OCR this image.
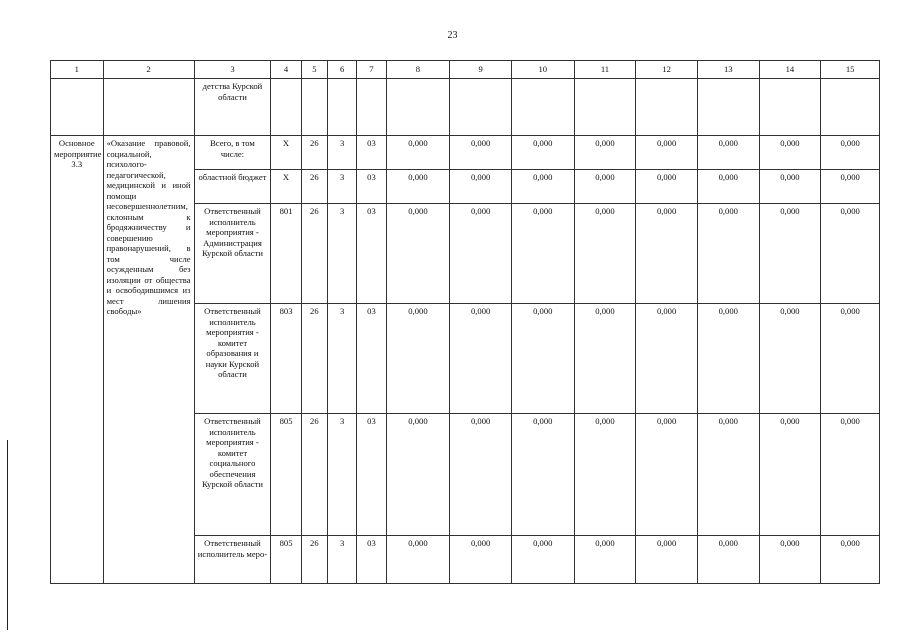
23
1	2	3	4	5	6	7	8	9	10	11	12	13	14	15
		детства Курской области												
Основное мероприятие 3.3	«Оказание правовой, социальной, психолого-педагогической, медицинской и иной помощи несовершеннолетним, склонным к бродяжничеству и совершению правонарушений, в том числе осужденным без изоляции от общества и освободившимся из мест лишения свободы»	Всего, в том числе:	Х	26	3	03	0,000	0,000	0,000	0,000	0,000	0,000	0,000	0,000
		областной бюджет	Х	26	3	03	0,000	0,000	0,000	0,000	0,000	0,000	0,000	0,000
		Ответственный исполнитель мероприятия - Администрация Курской области	801	26	3	03	0,000	0,000	0,000	0,000	0,000	0,000	0,000	0,000
		Ответственный исполнитель мероприятия - комитет образования и науки Курской области	803	26	3	03	0,000	0,000	0,000	0,000	0,000	0,000	0,000	0,000
		Ответственный исполнитель мероприятия - комитет социального обеспечения Курской области	805	26	3	03	0,000	0,000	0,000	0,000	0,000	0,000	0,000	0,000
		Ответственный исполнитель меро-	805	26	3	03	0,000	0,000	0,000	0,000	0,000	0,000	0,000	0,000
